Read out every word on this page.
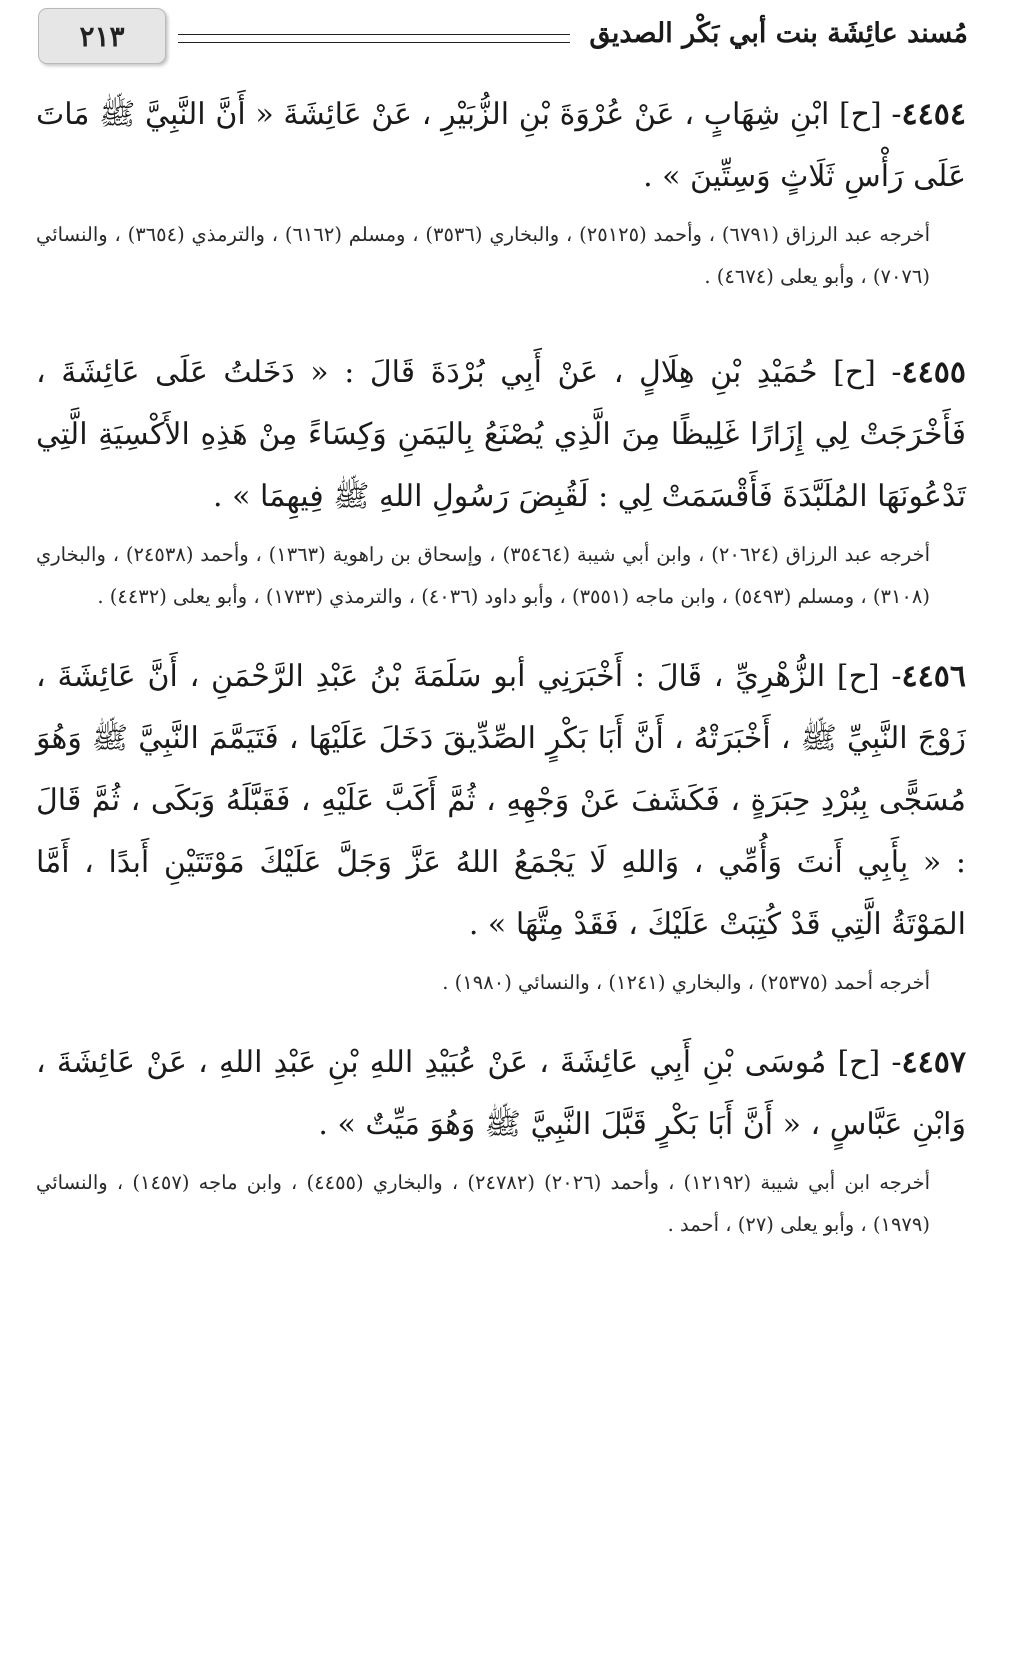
مُسند عائِشَة بنت أبي بَكْر الصديق
٢١٣

٤٤٥٤- [ح] ابْنِ شِهَابٍ ، عَنْ عُرْوَةَ بْنِ الزُّبَيْرِ ، عَنْ عَائِشَةَ « أَنَّ النَّبِيَّ ﷺ مَاتَ عَلَى رَأْسِ ثَلَاثٍ وَسِتِّينَ » .

أخرجه عبد الرزاق (٦٧٩١) ، وأحمد (٢٥١٢٥) ، والبخاري (٣٥٣٦) ، ومسلم (٦١٦٢) ، والترمذي (٣٦٥٤) ، والنسائي (٧٠٧٦) ، وأبو يعلى (٤٦٧٤) .

٤٤٥٥- [ح] حُمَيْدِ بْنِ هِلَالٍ ، عَنْ أَبِي بُرْدَةَ قَالَ : « دَخَلتُ عَلَى عَائِشَةَ ، فَأَخْرَجَتْ لِي إِزَارًا غَلِيظًا مِنَ الَّذِي يُصْنَعُ بِاليَمَنِ وَكِسَاءً مِنْ هَذِهِ الأَكْسِيَةِ الَّتِي تَدْعُونَهَا المُلَبَّدَةَ فَأَقْسَمَتْ لِي : لَقُبِضَ رَسُولِ اللهِ ﷺ فِيهِمَا » .

أخرجه عبد الرزاق (٢٠٦٢٤) ، وابن أبي شيبة (٣٥٤٦٤) ، وإسحاق بن راهوية (١٣٦٣) ، وأحمد (٢٤٥٣٨) ، والبخاري (٣١٠٨) ، ومسلم (٥٤٩٣) ، وابن ماجه (٣٥٥١) ، وأبو داود (٤٠٣٦) ، والترمذي (١٧٣٣) ، وأبو يعلى (٤٤٣٢) .

٤٤٥٦- [ح] الزُّهْرِيِّ ، قَالَ : أَخْبَرَنِي أبو سَلَمَةَ بْنُ عَبْدِ الرَّحْمَنِ ، أَنَّ عَائِشَةَ ، زَوْجَ النَّبِيِّ ﷺ ، أَخْبَرَتْهُ ، أَنَّ أَبَا بَكْرٍ الصِّدِّيقَ دَخَلَ عَلَيْهَا ، فَتَيَمَّمَ النَّبِيَّ ﷺ وَهُوَ مُسَجًّى بِبُرْدِ حِبَرَةٍ ، فَكَشَفَ عَنْ وَجْهِهِ ، ثُمَّ أَكَبَّ عَلَيْهِ ، فَقَبَّلَهُ وَبَكَى ، ثُمَّ قَالَ : « بِأَبِي أَنتَ وَأُمِّي ، وَاللهِ لَا يَجْمَعُ اللهُ عَزَّ وَجَلَّ عَلَيْكَ مَوْتَتَيْنِ أَبدًا ، أَمَّا المَوْتَةُ الَّتِي قَدْ كُتِبَتْ عَلَيْكَ ، فَقَدْ مِتَّهَا » .

أخرجه أحمد (٢٥٣٧٥) ، والبخاري (١٢٤١) ، والنسائي (١٩٨٠) .

٤٤٥٧- [ح] مُوسَى بْنِ أَبِي عَائِشَةَ ، عَنْ عُبَيْدِ اللهِ بْنِ عَبْدِ اللهِ ، عَنْ عَائِشَةَ ، وَابْنِ عَبَّاسٍ ، « أَنَّ أَبَا بَكْرٍ قَبَّلَ النَّبِيَّ ﷺ وَهُوَ مَيِّتٌ » .

أخرجه ابن أبي شيبة (١٢١٩٢) ، وأحمد (٢٠٢٦) (٢٤٧٨٢) ، والبخاري (٤٤٥٥) ، وابن ماجه (١٤٥٧) ، والنسائي (١٩٧٩) ، وأبو يعلى (٢٧) ، أحمد .
